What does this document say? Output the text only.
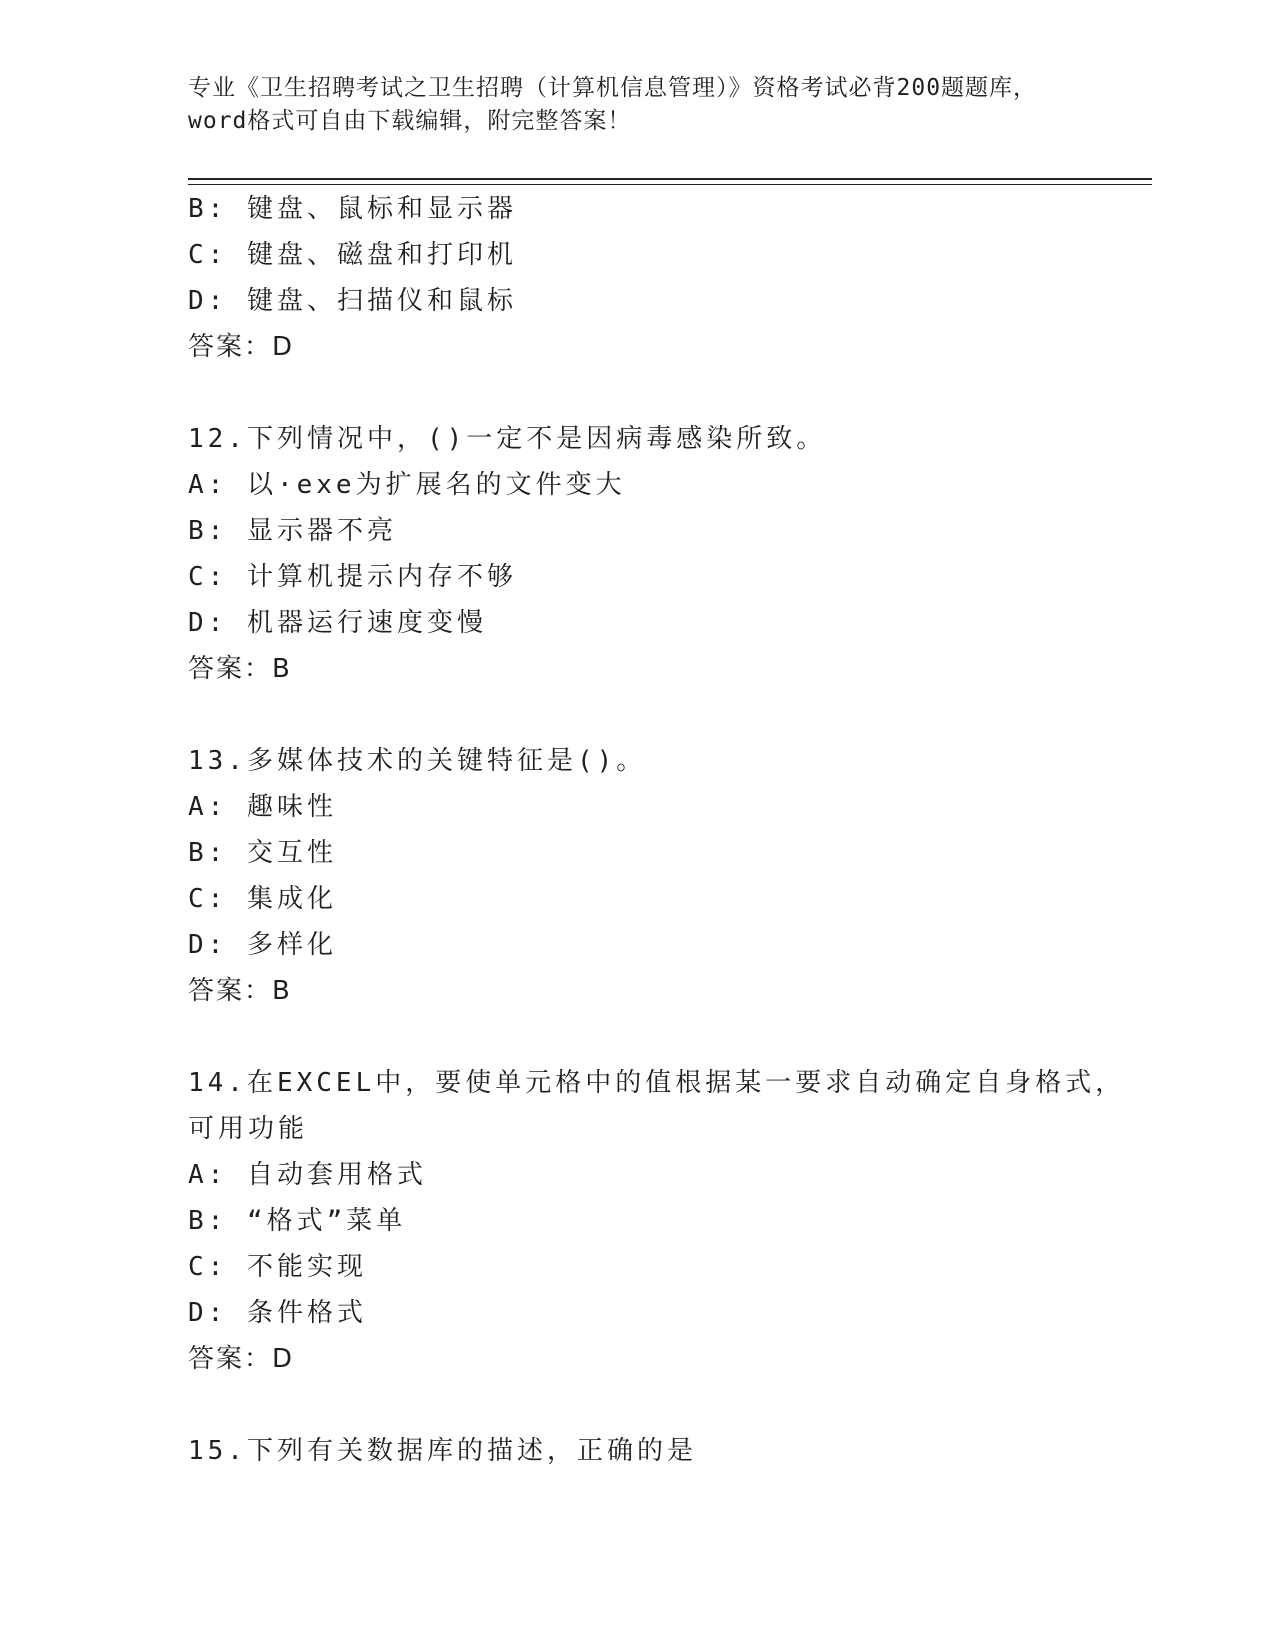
专业《卫生招聘考试之卫生招聘（计算机信息管理）》资格考试必背200题题库，
word格式可自由下载编辑，附完整答案！
B: 键盘、鼠标和显示器
C: 键盘、磁盘和打印机
D: 键盘、扫描仪和鼠标
答案：D
12.下列情况中，()一定不是因病毒感染所致。
A: 以·exe为扩展名的文件变大
B: 显示器不亮
C: 计算机提示内存不够
D: 机器运行速度变慢
答案：B
13.多媒体技术的关键特征是()。
A: 趣味性
B: 交互性
C: 集成化
D: 多样化
答案：B
14.在EXCEL中，要使单元格中的值根据某一要求自动确定自身格式，
可用功能
A: 自动套用格式
B: “格式”菜单
C: 不能实现
D: 条件格式
答案：D
15.下列有关数据库的描述，正确的是
